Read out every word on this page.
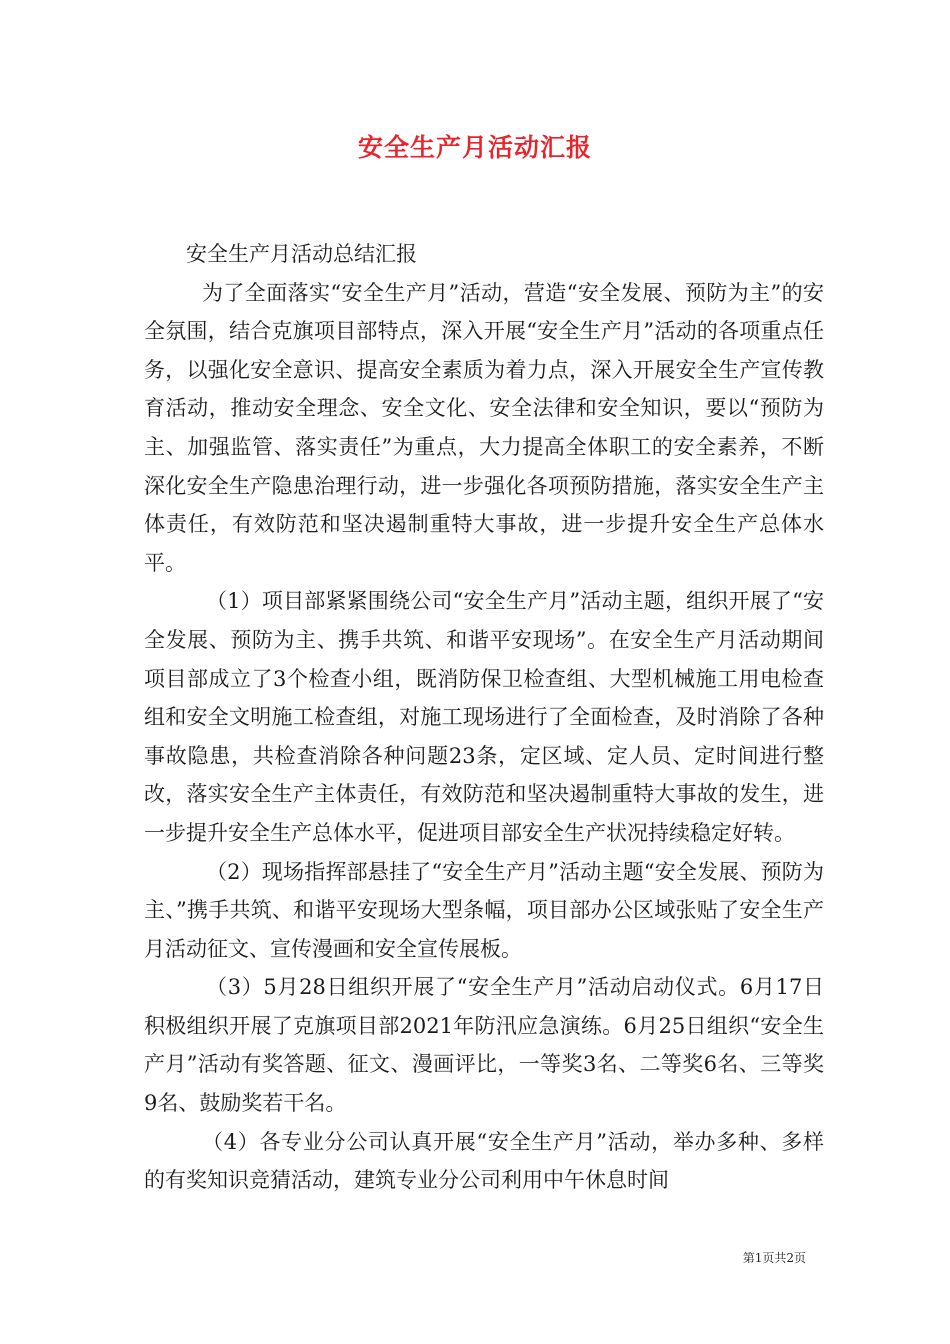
安全生产月活动汇报

安全生产月活动总结汇报

为了全面落实“安全生产月”活动，营造“安全发展、预防为主”的安全氛围，结合克旗项目部特点，深入开展“安全生产月”活动的各项重点任务，以强化安全意识、提高安全素质为着力点，深入开展安全生产宣传教育活动，推动安全理念、安全文化、安全法律和安全知识，要以“预防为主、加强监管、落实责任”为重点，大力提高全体职工的安全素养，不断深化安全生产隐患治理行动，进一步强化各项预防措施，落实安全生产主体责任，有效防范和坚决遏制重特大事故，进一步提升安全生产总体水平。

（1）项目部紧紧围绕公司“安全生产月”活动主题，组织开展了“安全发展、预防为主、携手共筑、和谐平安现场”。在安全生产月活动期间项目部成立了3个检查小组，既消防保卫检查组、大型机械施工用电检查组和安全文明施工检查组，对施工现场进行了全面检查，及时消除了各种事故隐患，共检查消除各种问题23条，定区域、定人员、定时间进行整改，落实安全生产主体责任，有效防范和坚决遏制重特大事故的发生，进一步提升安全生产总体水平，促进项目部安全生产状况持续稳定好转。

（2）现场指挥部悬挂了“安全生产月”活动主题“安全发展、预防为主、”携手共筑、和谐平安现场大型条幅，项目部办公区域张贴了安全生产月活动征文、宣传漫画和安全宣传展板。

（3）5月28日组织开展了“安全生产月”活动启动仪式。6月17日积极组织开展了克旗项目部2021年防汛应急演练。6月25日组织“安全生产月”活动有奖答题、征文、漫画评比，一等奖3名、二等奖6名、三等奖9名、鼓励奖若干名。

（4）各专业分公司认真开展“安全生产月”活动，举办多种、多样的有奖知识竞猜活动，建筑专业分公司利用中午休息时间

第1页共2页
